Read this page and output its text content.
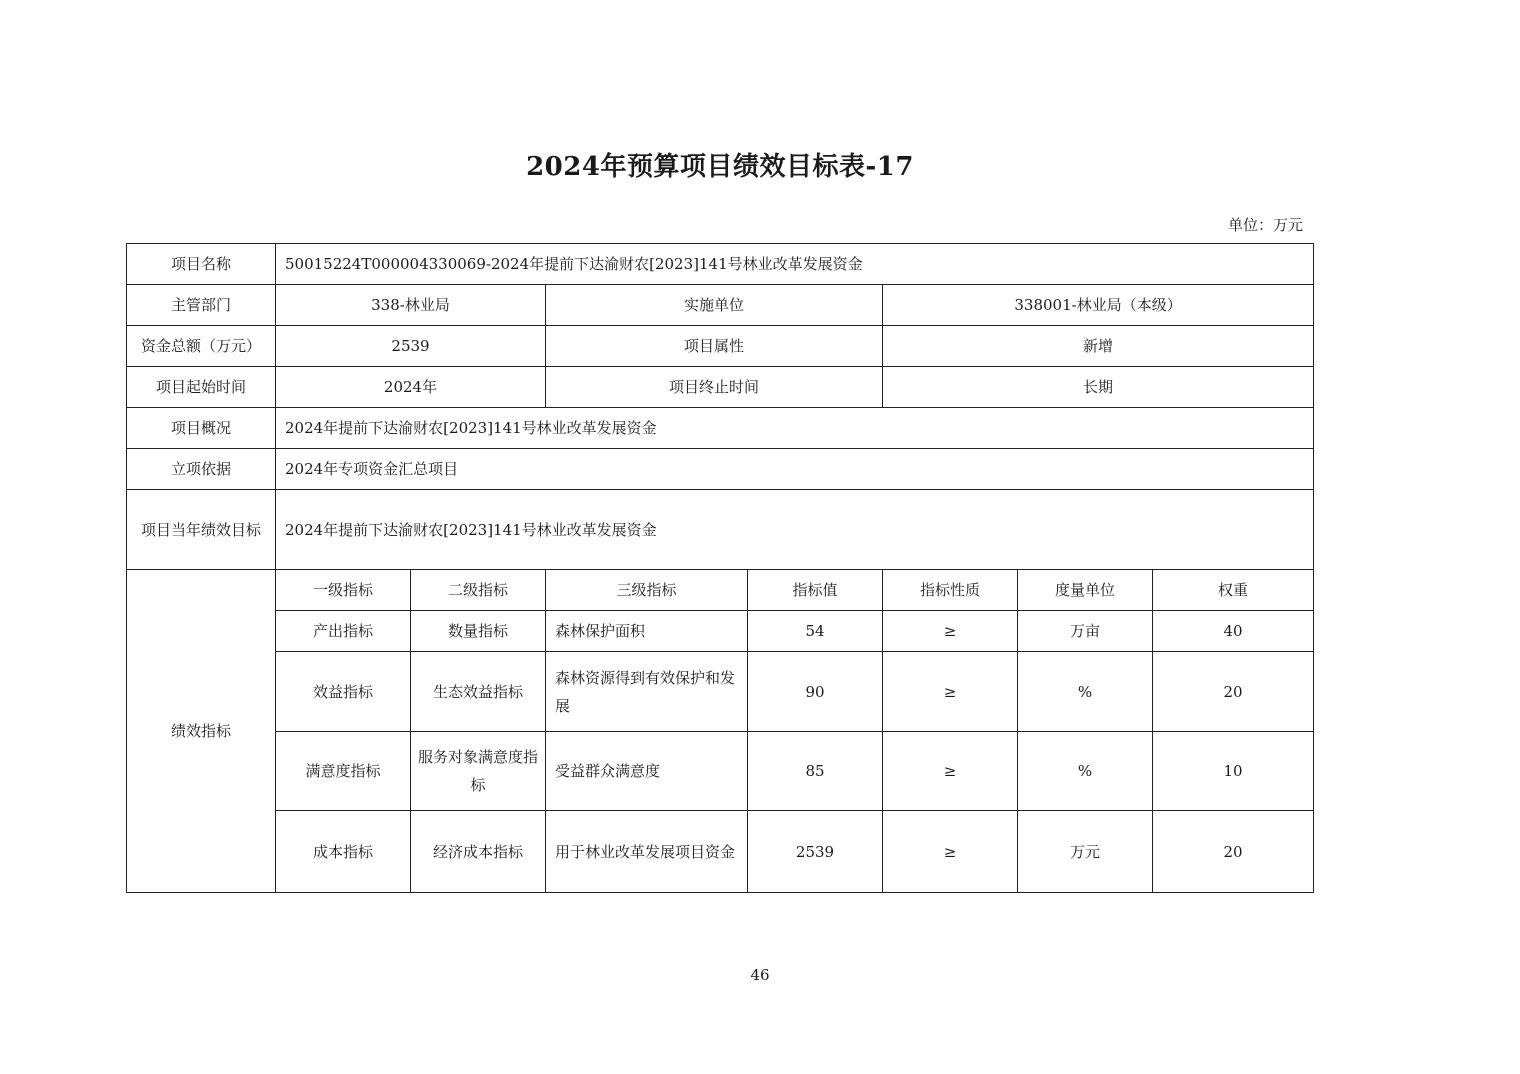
2024年预算项目绩效目标表-17
单位：万元
项目名称	50015224T000004330069-2024年提前下达渝财农[2023]141号林业改革发展资金						
主管部门	338-林业局		实施单位		338001-林业局（本级）		
资金总额（万元）	2539		项目属性		新增		
项目起始时间	2024年		项目终止时间		长期		
项目概况	2024年提前下达渝财农[2023]141号林业改革发展资金						
立项依据	2024年专项资金汇总项目						
项目当年绩效目标	2024年提前下达渝财农[2023]141号林业改革发展资金						
绩效指标	一级指标	二级指标	三级指标	指标值	指标性质	度量单位	权重
	产出指标	数量指标	森林保护面积	54	≥	万亩	40
	效益指标	生态效益指标	森林资源得到有效保护和发展	90	≥	%	20
	满意度指标	服务对象满意度指标	受益群众满意度	85	≥	%	10
	成本指标	经济成本指标	用于林业改革发展项目资金	2539	≥	万元	20
46
